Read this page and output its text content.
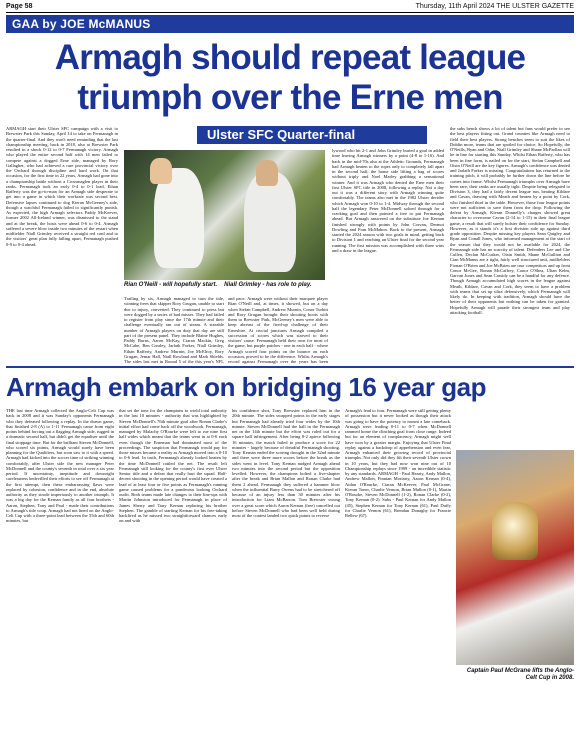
Page 58	Thursday, 11th April 2024 THE ULSTER GAZETTE
GAA by JOE McMANUS
Armagh should repeat league triumph over the Erne men
ARMAGH start their Ulster SFC campaign with a visit to Brewster Park this Sunday, April 14 to take on Fermanagh in the quarter-final. And they won't need reminding that the last championship meeting, back in 2018, also at Brewster Park resulted in a shock 0-12 to 0-7 Fermanagh victory. Armagh who played the entire second half with 14 men failed to compete against a dogged Erne side, managed by Rory Gallagher, who had achieved a rare provincial victory over the Orchard through discipline and hard work. On that occasion, for the first time in 22 years, Armagh had gone into a championship battle without a Crossmaglen player in their ranks. Fermanagh took an early 0-4 to 0-1 lead, Ethan Rafferty was the go-to-man for an Armagh side desperate to get into a game in which their workrate was second best. Defensive lapses continued to dog Kieran McGeeney's side, though a watchful Fermanagh failed to significantly punish. As expected, the high Armagh selectors Paddy McKeever, former 2002 All-Ireland winner, was dismissed to the stand and at the break, the hosts were ahead 0-6 to 0-4. Armagh suffered a severe blow inside two minutes of the restart when midfielder Niall Grimley received a straight red card and to the visitors' great plan fully falling apart, Fermanagh pushed 0-9 to 0-4 ahead.
Trailing by six, Armagh managed to turn the tide, winning frees that skipper Rory Grugan, unable to start due to injury, converted. They continued to press but were dogged by a series of bad misses. They had failed to register from play since the 17th minute and their challenge eventually ran out of steam. A sizeable number of Armagh players on duty that day are still part of the present panel. They include Blaine Hughes, Paddy Burns, Aaron McKay, Ciaran Mackin, Greg McCabe, Ben Crealey, Jarlath Forker, Niall Grimley, Ethan Rafferty, Andrew Murnin, Joe McElroy, Rory Grugan, Jemar Hall, Niall Rowland and Mark Shields. The sides last met in Round 5 of the this year's NFL
and pace. Armagh were without their marquee player Rian O'Neill and, at times, it showed, but on a day when Stefan Campbell, Andrew Murnin, Conor Turbitt and Rory Grugan brought their shooting boots with them to Brewster Park, McGeeney's men were able to keep abreast of the fired-up challenge of their Erneshire. At crucial junctures Armagh compiled a succession of scores which was starved to their visitors' cause. Fermanagh held their own for most of the game, but purple patches - one in each half - where Armagh scored four points on the bounce on each occasion, proved to be the difference. Whilst Armagh's record against Fermanagh over the years has been
lywood who hit 2-1 and John Grimley buried a goal in added time leaving Armagh winners by a point (4-8 to 1-16). And back in the mid-70s also at the Athletic Grounds, Fermanagh had Armagh beaten to the ropes only to completely fall apart in the second half, the home side lifting a bag of scores without triply and Noel Marley grabbing a sensational winner. And it was Armagh who denied the Erne men their first Ulster SFC title in 2008, following a replay. Not a day out it was a different story with Armagh winning quite comfortably. The teams also met in the 1982 Ulster decider which Armagh won 0-10 to 1-4. Midway through the second half the legendary Peter McDonnell soloed through for a cracking goal and then pointed a free to put Fermanagh ahead. But Armagh answered on the substitute Joe Kernan finished strongly with points by John Corvan, Dermot Dowling and Fran McMahon. Back to the present, Armagh started the 2024 season with two goals in mind, getting back to Division 1 and reaching an Ulster final for the second year running. The first mission was accomplished with three wins and a draw in the league.
the subs bench shows a lot of talent but fans would prefer to see the best players fitting out. Grand counties like Armagh need to field their best players. Strong benches seem to suit the likes of Dublin more, teams that are spoiled for choice. So Hopefully, the O'Neills, Ryan and Odin, Niall Grimley and Shane McParllan will be in line for starting this Sunday. Whilst Ethan Rafferty, who has been in fine form, is nailed on for the start, Stefan Campbell and Oisin O'Neill are the key figures. Armagh's confidence was dented and Jarlath Forker is missing. Congratulations has returned to the training pitch, it will probably be further down the line before he comes into frame. Whilst Fermanagh triumphs over Armagh have been rare, their ranks are usually tight. Despite being relegated to Division 3, they had a fairly decent league run, beating Kildare and Cavan, drawing with Meath and beaten by a point by Cork, who finished third in the table. However, those four league points were not sufficient to save them from the drop. Following the defeat by Armagh, Kieran Donnelly's charges showed great character to overcome Cavan (2-14 to 1-15) in their final league game, a result that will surely bolster their confidence for Sunday. However, as it stands it's a first division side up against third grade opposition. Despite missing key players Sean Quigley and Ryan and Conall Jones, who informed management at the start of the season that they would not be available for 2024, the Fermanagh side has no scarcity of talent. Defenders Lee and Che Cullen, Declan McCusker, Oisin Smith, Shane McGullion and Cian McManus are a tight, fairly well structured unit, midfielders Fionan O'Brien and Joe McBrien are true competitors and up front Conor McGee, Ronan McCaffrey, Conor O'Shea, Ultan Kelm, Garvan Jones and Sean Cassidy can be a handful for any defence. Though Armagh accumulated high scores in the league against Meath, Kildare, Cavan and Cork, they seem to have a problem with teams that set up ultra defensively, which Fermanagh will likely do. In keeping with tradition, Armagh should have the better of their opponents but nothing can be taken for granted. Hopefully Armagh will parade their strongest team and play attacking football.
Ulster SFC Quarter-final
Rian O'Neill - will hopefully start. Niall Grimley - has role to play.
Armagh embark on bridging 16 year gap
THE last time Armagh collected the Anglo-Celt Cup was back in 2008 and it was Sunday's opponents Fermanagh who they defeated following a replay. In the drawn game, that finished 2-8 (A) to 1-11 Fermanagh came from eight points behind forcing out a flagging Armagh side, rugged in a dramatic second half, but didn't get the equaliser until the final stoppage time. But for the brilliant Steven McDonnell, who scored six points, Armagh would surely have been planning for the Qualifiers, but soon saw to it with a speed. Armagh had kicked into the soccer time of striking winning comfortably, after Ulster side the new manager Peter McDonnell and the county's seventh in total over a six year period. If uncertainty, ineptitude and downright carelessness bedevilled their efforts to see off Fermanagh at the first attempt, then these embarrassing flaws were replaced by cohesion, confidence and in the end, absolute authority as they strode imperiously to another triumph. It was a big day for the Kernan family as all four brothers - Aaron, Stephen, Tony and Paul - made their contributions to Armagh's title coup. Armagh had not lined on the Anglo-Celt Cup with a three-point lead between the 55th and 60th minutes, but
that set the tone for the champions to wield total authority in the last 10 minutes - authority that was highlighted by Steven McDonnell's 76th minute goal after Ronan Clarke's initial effort had come back off the woodwork. Fermanagh, managed by Malachy O'Rourke were left to rue nine first half wides which meant that the teams went in at 0-6 each even though the Erneman had dominated most of the proceedings. The suspicion that Fermanagh would pay for those misses became a reality as Armagh moved into a 0-10 to 0-6 lead. In truth, Fermanagh already looked beaten by the time McDonnell rattled the net. The result left Fermanagh still looking for the county's first ever Ulster Senior title and a defeat that really hurt the squad. Half-decent shooting in the opening period would have created a lead of at least four or five points as Fermanagh's running game caused problems for a ponderous looking Orchard outfit. Both teams made late changes to their line-ups with Martin Johnston introduced for Fermanagh in place of James Sherry and Tony Kernan replacing his brother Stephen. The gamble of starting Kernan for his free-taking backfired as he missed two straightforward chances early on and with
his confidence shot, Tony Brewster replaced him in the 20th minute. The sides swapped points in the early stages but Fermanagh had already tried four wides by the 10th minute. Steven McDonnell had the ball in the Fermanagh net in the 14th minute but the effort was ruled out for a square ball infringement. After being 0-2 apiece following 16 minutes, the match failed to produce a score for 22 minutes - largely because of dreadful Fermanagh shooting. Tony Kernan ended the scoring drought in the 32nd minute and there were three more scores before the break as the sides went in level. Tony Kernan nudged Armagh ahead two minutes into the second period but the opposition levelled. However, the champions bolted a five-shapter after the break and Brian Mallon and Ronan Clarke had them 2 ahead. Fermanagh they suffered a hammer blow when the influential Barry Owens had to be stretchered off because of an injury less than 30 minutes after his introduction for Liam McBarron. Tom Brewster swung over a great score which Aaron Kernan (free) cancelled out before Steven McDonnell who had been well held during most of the contest landed two quick points to reverse
Armagh's lead to four. Fermanagh were still getting plenty of possession but it never looked as though their attack was going to have the potency to mount a late comeback. Armagh were leading 0-11 to 0-7 when McDonnell rammed home the clinching goal from close range. Indeed but for an element of complacency, Armagh might well have won by a greater margin. Enjoying that Ulster Final replay against a backdrop of apprehension and even fear, Armagh enhanced their growing record of provincial triumphs. Not only did they lift their seventh Ulster crown in 10 years, but they had now won nine out of 10 Championship replays since 1999 - an incredible statistic by any standards. ARMAGH - Paul Hearty, Andy Mallon, Andrew Mallon, Finnian Moriarty, Aaron Kernan (0-4), Aidan O'Rourke, Ciaran McKeever, Paul McGrane, Kieran Toner, Charlie Vernon, Brian Mallon (0-1), Martin O'Rourke, Steven McDonnell (1-2), Ronan Clarke (0-2), Tony Kernan (0-2). Subs - Paul Kernan for Andy Mallon (45), Stephen Kernan for Tony Kernan (61), Paul Duffy for Charlie Vernon (61), Brendan Donaghy for Francie Bellew (67).
Captain Paul McGrane lifts the Anglo-Celt Cup in 2008.
